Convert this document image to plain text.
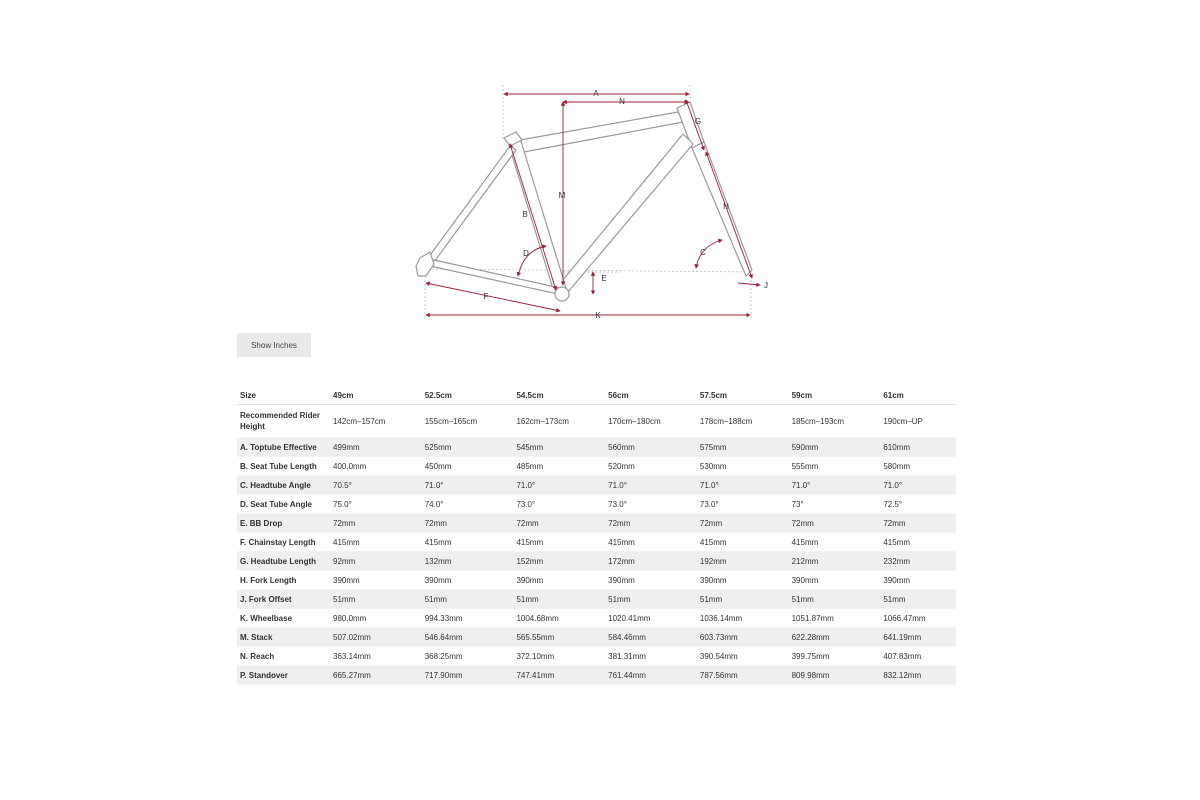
A
N
G
M
B
H
D	C
E
F
K
J
Show Inches
Size	49cm	52.5cm	54.5cm	56cm	57.5cm	59cm	61cm
Recommended Rider Height	142cm–157cm	155cm–165cm	162cm–173cm	170cm–180cm	178cm–188cm	185cm–193cm	190cm–UP
A. Toptube Effective	499mm	525mm	545mm	560mm	575mm	590mm	610mm
B. Seat Tube Length	400.0mm	450mm	485mm	520mm	530mm	555mm	580mm
C. Headtube Angle	70.5°	71.0°	71.0°	71.0°	71.0°	71.0°	71.0°
D. Seat Tube Angle	75.0°	74.0°	73.0°	73.0°	73.0°	73°	72.5°
E. BB Drop	72mm	72mm	72mm	72mm	72mm	72mm	72mm
F. Chainstay Length	415mm	415mm	415mm	415mm	415mm	415mm	415mm
G. Headtube Length	92mm	132mm	152mm	172mm	192mm	212mm	232mm
H. Fork Length	390mm	390mm	390mm	390mm	390mm	390mm	390mm
J. Fork Offset	51mm	51mm	51mm	51mm	51mm	51mm	51mm
K. Wheelbase	980.0mm	994.33mm	1004.68mm	1020.41mm	1036.14mm	1051.87mm	1066.47mm
M. Stack	507.02mm	546.64mm	565.55mm	584.46mm	603.73mm	622.28mm	641.19mm
N. Reach	363.14mm	368.25mm	372.10mm	381.31mm	390.54mm	399.75mm	407.83mm
P. Standover	665.27mm	717.90mm	747.41mm	761.44mm	787.56mm	809.98mm	832.12mm
